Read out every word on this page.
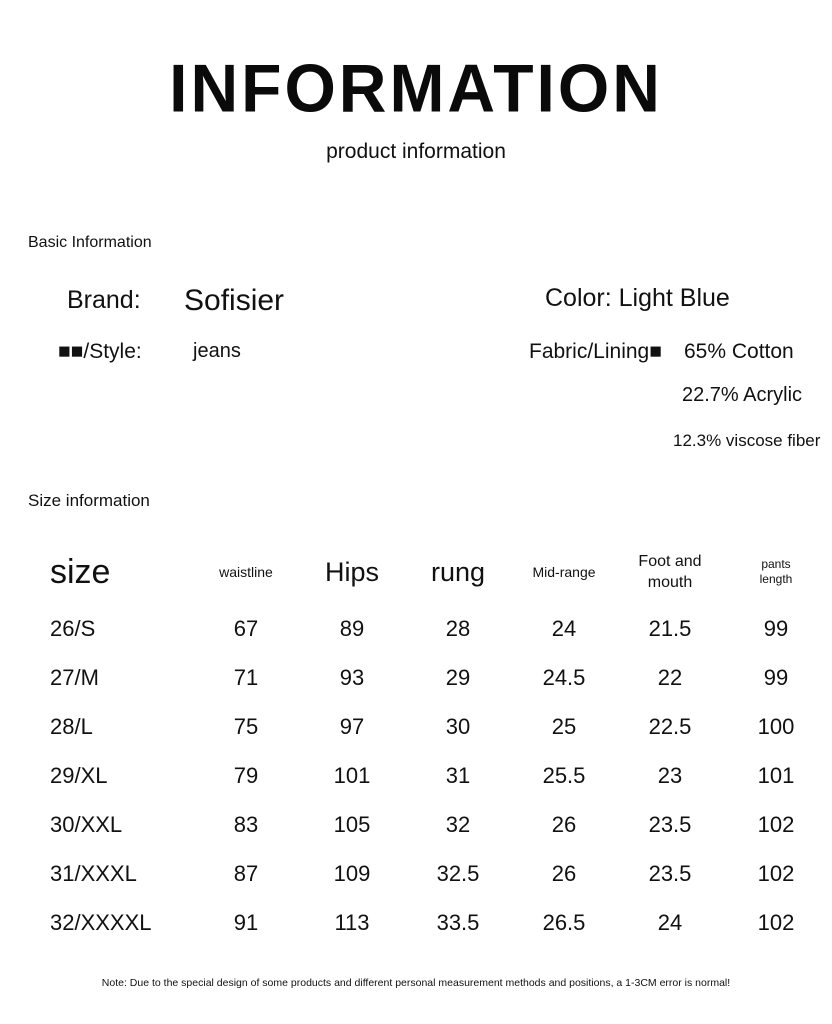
INFORMATION
product information
Basic Information
Brand: Sofisier	Color: Light Blue
■■/Style:	jeans	Fabric/Lining■ 65% Cotton
22.7% Acrylic
12.3% viscose fiber
Size information
size	waistline	Hips	rung	Mid-range	Foot and mouth	pants length

26/S	67	89	28	24	21.5	99
27/M	71	93	29	24.5	22	99
28/L	75	97	30	25	22.5	100
29/XL	79	101	31	25.5	23	101
30/XXL	83	105	32	26	23.5	102
31/XXXL	87	109	32.5	26	23.5	102
32/XXXXL	91	113	33.5	26.5	24	102
Note: Due to the special design of some products and different personal measurement methods and positions, a 1-3CM error is normal!
